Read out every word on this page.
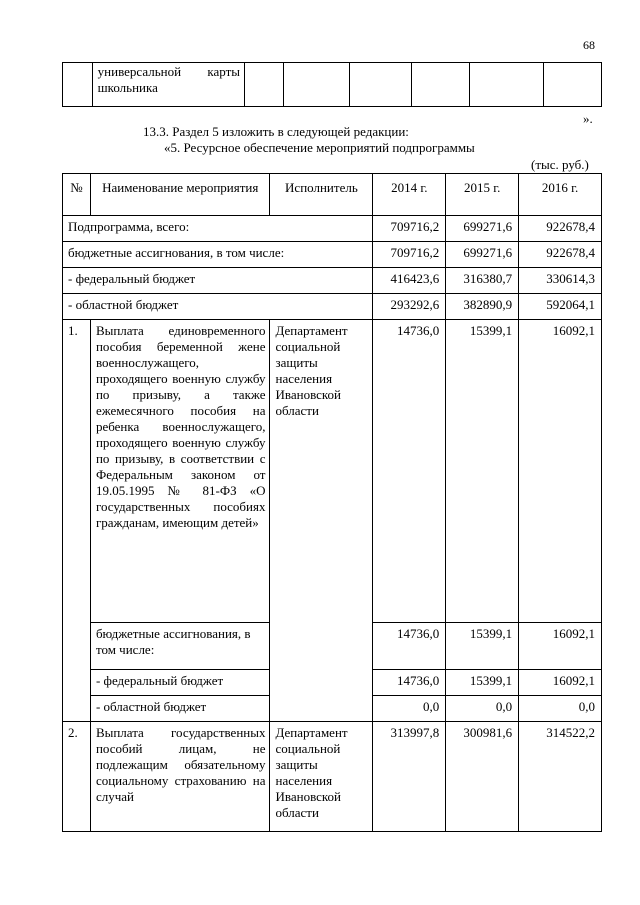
68
	универсальной карты школьника						
».
13.3. Раздел 5 изложить в следующей редакции:
«5. Ресурсное обеспечение мероприятий подпрограммы
(тыс. руб.)
№	Наименование мероприятия	Исполнитель	2014 г.	2015 г.	2016 г.
Подпрограмма, всего:			709716,2	699271,6	922678,4
бюджетные ассигнования, в том числе:			709716,2	699271,6	922678,4
- федеральный бюджет			416423,6	316380,7	330614,3
- областной бюджет			293292,6	382890,9	592064,1
1.	Выплата единовременного пособия беременной жене военнослужащего, проходящего военную службу по призыву, а также ежемесячного пособия на ребенка военнослужащего, проходящего военную службу по призыву, в соответствии с Федеральным законом от 19.05.1995 № 81-ФЗ «О государственных пособиях гражданам, имеющим детей»	Департамент социальной защиты населения Ивановской области	14736,0	15399,1	16092,1
	бюджетные ассигнования, в том числе:		14736,0	15399,1	16092,1
	- федеральный бюджет		14736,0	15399,1	16092,1
	- областной бюджет		0,0	0,0	0,0
2.	Выплата государственных пособий лицам, не подлежащим обязательному социальному страхованию на случай	Департамент социальной защиты населения Ивановской области	313997,8	300981,6	314522,2
